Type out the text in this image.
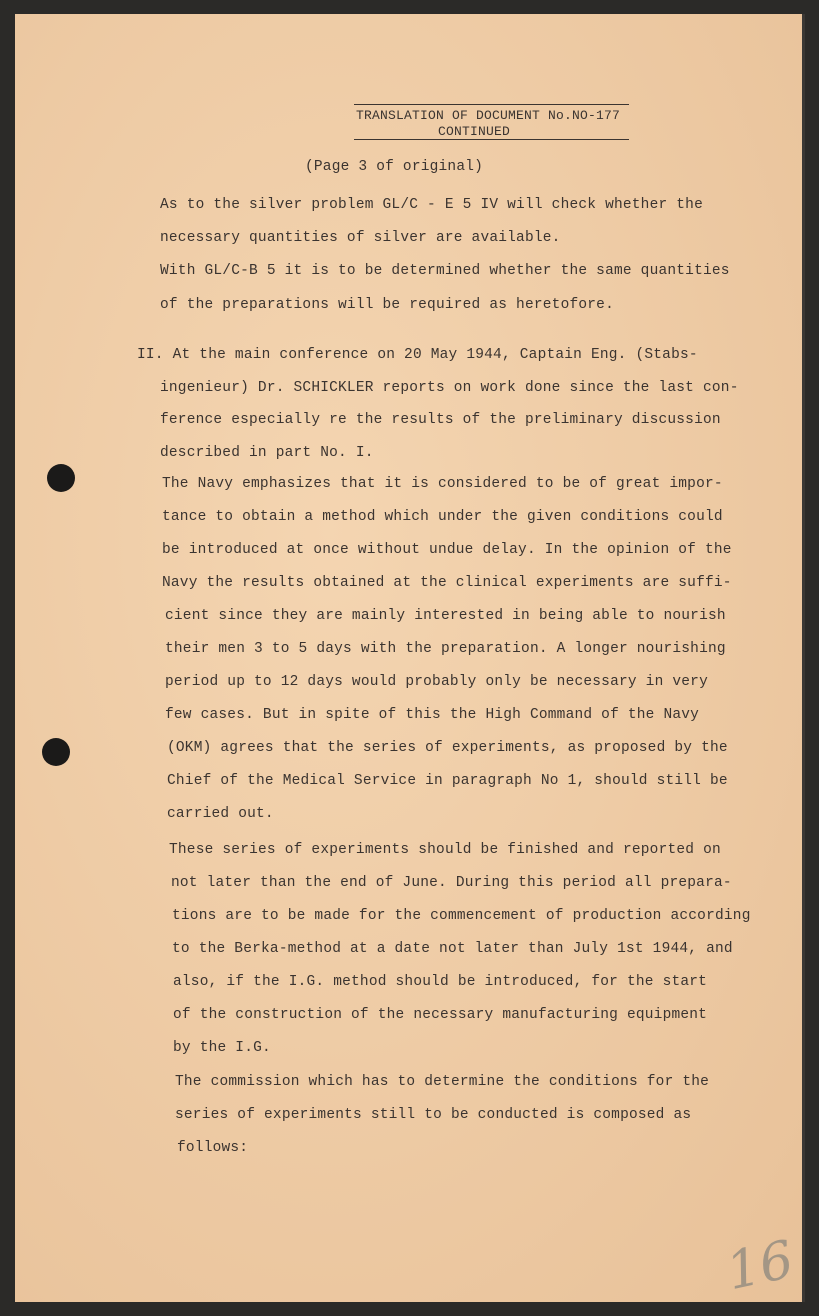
TRANSLATION OF DOCUMENT No.NO-177
CONTINUED
(Page 3 of original)
As to the silver problem GL/C - E 5 IV will check whether the
necessary quantities of silver are available.
With GL/C-B 5 it is to be determined whether the same quantities
of the preparations will be required as heretofore.
II. At the main conference on 20 May 1944, Captain Eng. (Stabs-
ingenieur) Dr. SCHICKLER reports on work done since the last con-
ference especially re the results of the preliminary discussion
described in part No. I.
The Navy emphasizes that it is considered to be of great impor-
tance to obtain a method which under the given conditions could
be introduced at once without undue delay. In the opinion of the
Navy the results obtained at the clinical experiments are suffi-
cient since they are mainly interested in being able to nourish
their men 3 to 5 days with the preparation. A longer nourishing
period up to 12 days would probably only be necessary in very
few cases. But in spite of this the High Command of the Navy
(OKM) agrees that the series of experiments, as proposed by the
Chief of the Medical Service in paragraph No 1, should still be
carried out.
These series of experiments should be finished and reported on
not later than the end of June. During this period all prepara-
tions are to be made for the commencement of production according
to the Berka-method at a date not later than July 1st 1944, and
also, if the I.G. method should be introduced, for the start
of the construction of the necessary manufacturing equipment
by the I.G.
The commission which has to determine the conditions for the
series of experiments still to be conducted is composed as
follows:
16
